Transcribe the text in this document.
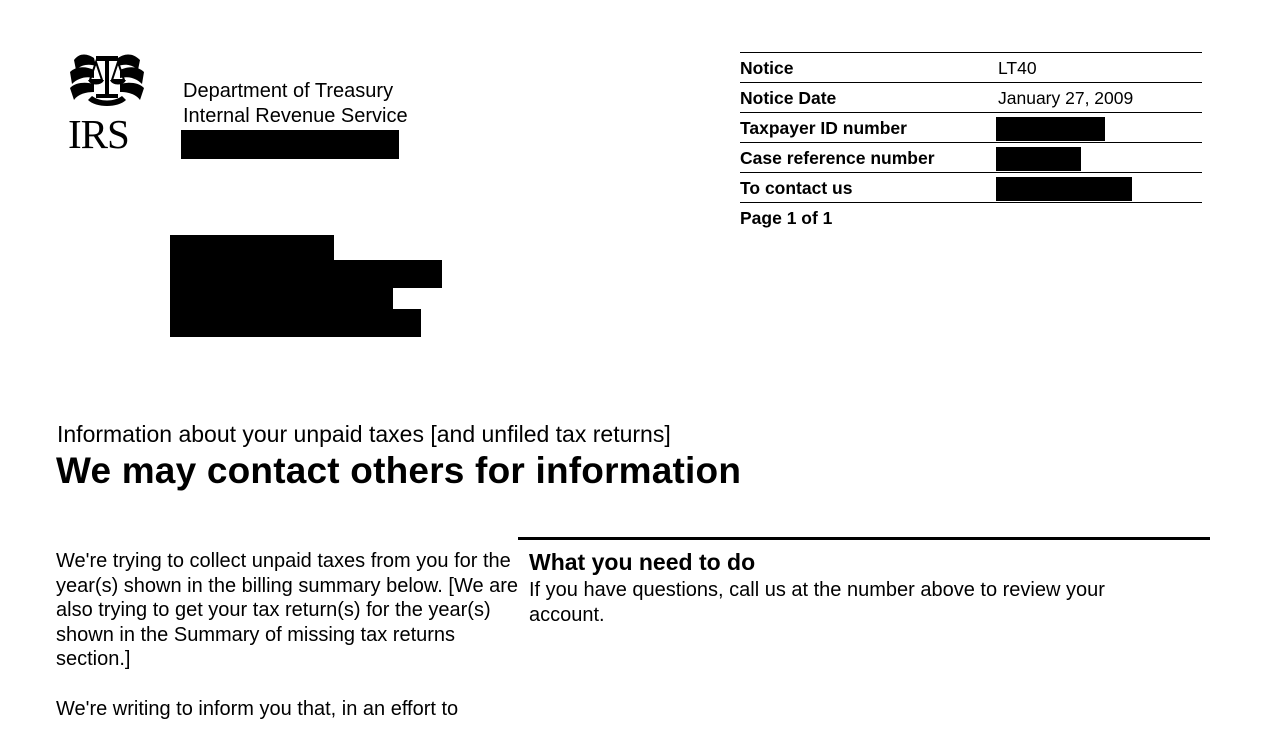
IRS
Department of Treasury
Internal Revenue Service
Notice	LT40
Notice Date	January 27, 2009
Taxpayer ID number
Case reference number
To contact us
Page 1 of 1
Information about your unpaid taxes [and unfiled tax returns]
We may contact others for information

We're trying to collect unpaid taxes from you for the year(s) shown in the billing summary below. [We are also trying to get your tax return(s) for the year(s) shown in the Summary of missing tax returns section.]

We're writing to inform you that, in an effort to

What you need to do
If you have questions, call us at the number above to review your account.
